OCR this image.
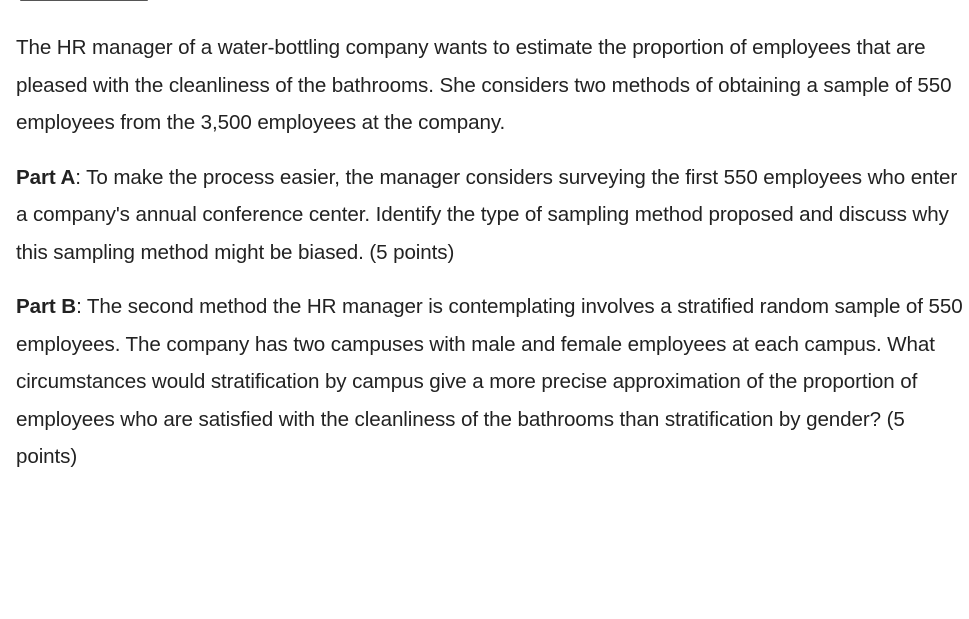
The HR manager of a water-bottling company wants to estimate the proportion of employees that are pleased with the cleanliness of the bathrooms. She considers two methods of obtaining a sample of 550 employees from the 3,500 employees at the company.

Part A: To make the process easier, the manager considers surveying the first 550 employees who enter a company's annual conference center. Identify the type of sampling method proposed and discuss why this sampling method might be biased. (5 points)

Part B: The second method the HR manager is contemplating involves a stratified random sample of 550 employees. The company has two campuses with male and female employees at each campus. What circumstances would stratification by campus give a more precise approximation of the proportion of employees who are satisfied with the cleanliness of the bathrooms than stratification by gender? (5 points)
